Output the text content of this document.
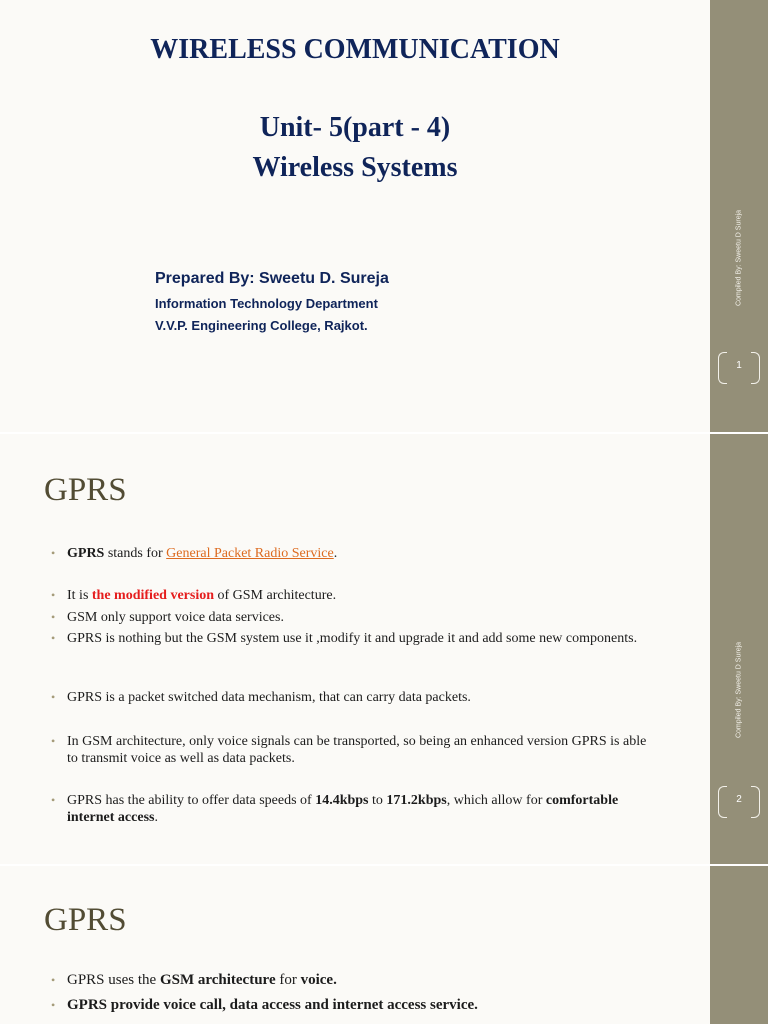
WIRELESS COMMUNICATION
Unit- 5(part - 4)
Wireless Systems
Prepared By: Sweetu D. Sureja
Information Technology Department
V.V.P. Engineering College, Rajkot.
Compiled By: Sweetu D Sureja
1
GPRS
• GPRS stands for General Packet Radio Service.
• It is the modified version of GSM architecture.
• GSM only support voice data services.
• GPRS is nothing but the GSM system use it ,modify it and upgrade it and add some new components.
• GPRS is a packet switched data mechanism, that can carry data packets.
• In GSM architecture, only voice signals can be transported, so being an enhanced version GPRS is able to transmit voice as well as data packets.
• GPRS has the ability to offer data speeds of 14.4kbps to 171.2kbps, which allow for comfortable internet access.
Compiled By: Sweetu D Sureja
2
GPRS
• GPRS uses the GSM architecture for voice.
• GPRS provide voice call, data access and internet access service.
